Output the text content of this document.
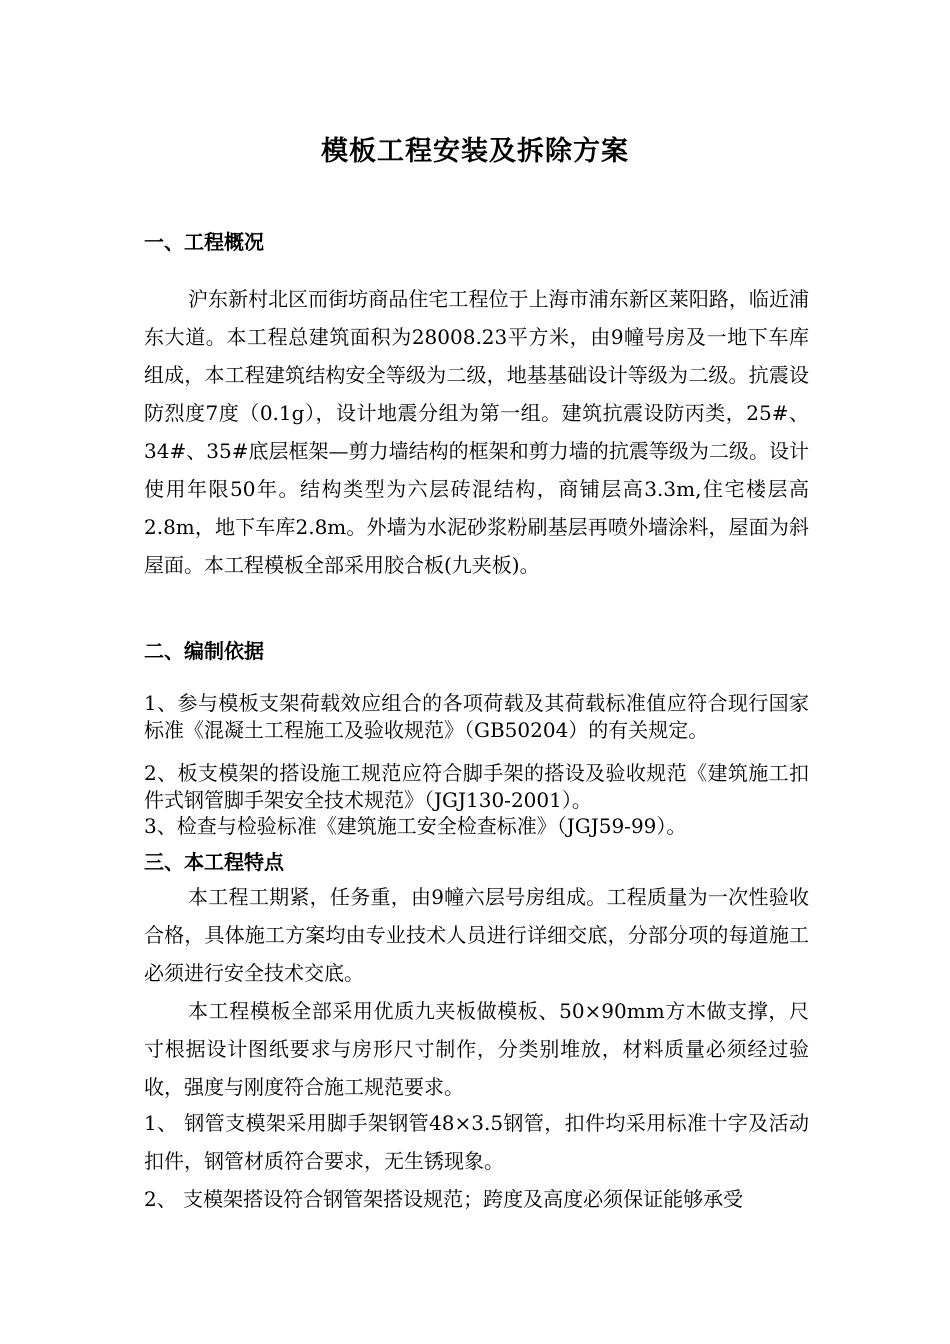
模板工程安装及拆除方案
一、工程概况

沪东新村北区而街坊商品住宅工程位于上海市浦东新区莱阳路，临近浦东大道。本工程总建筑面积为28008.23平方米，由9幢号房及一地下车库组成，本工程建筑结构安全等级为二级，地基基础设计等级为二级。抗震设防烈度7度（0.1g），设计地震分组为第一组。建筑抗震设防丙类，25#、34#、35#底层框架—剪力墙结构的框架和剪力墙的抗震等级为二级。设计使用年限50年。结构类型为六层砖混结构，商铺层高3.3m,住宅楼层高2.8m，地下车库2.8m。外墙为水泥砂浆粉刷基层再喷外墙涂料，屋面为斜屋面。本工程模板全部采用胶合板(九夹板)。

二、编制依据

1、参与模板支架荷载效应组合的各项荷载及其荷载标准值应符合现行国家标准《混凝土工程施工及验收规范》（GB50204）的有关规定。

2、板支模架的搭设施工规范应符合脚手架的搭设及验收规范《建筑施工扣件式钢管脚手架安全技术规范》（JGJ130-2001）。

3、检查与检验标准《建筑施工安全检查标准》（JGJ59-99）。

三、本工程特点

本工程工期紧，任务重，由9幢六层号房组成。工程质量为一次性验收合格，具体施工方案均由专业技术人员进行详细交底，分部分项的每道施工必须进行安全技术交底。

本工程模板全部采用优质九夹板做模板、50×90mm方木做支撑，尺寸根据设计图纸要求与房形尺寸制作，分类别堆放，材料质量必须经过验收，强度与刚度符合施工规范要求。

1、 钢管支模架采用脚手架钢管48×3.5钢管，扣件均采用标准十字及活动扣件，钢管材质符合要求，无生锈现象。

2、 支模架搭设符合钢管架搭设规范；跨度及高度必须保证能够承受
